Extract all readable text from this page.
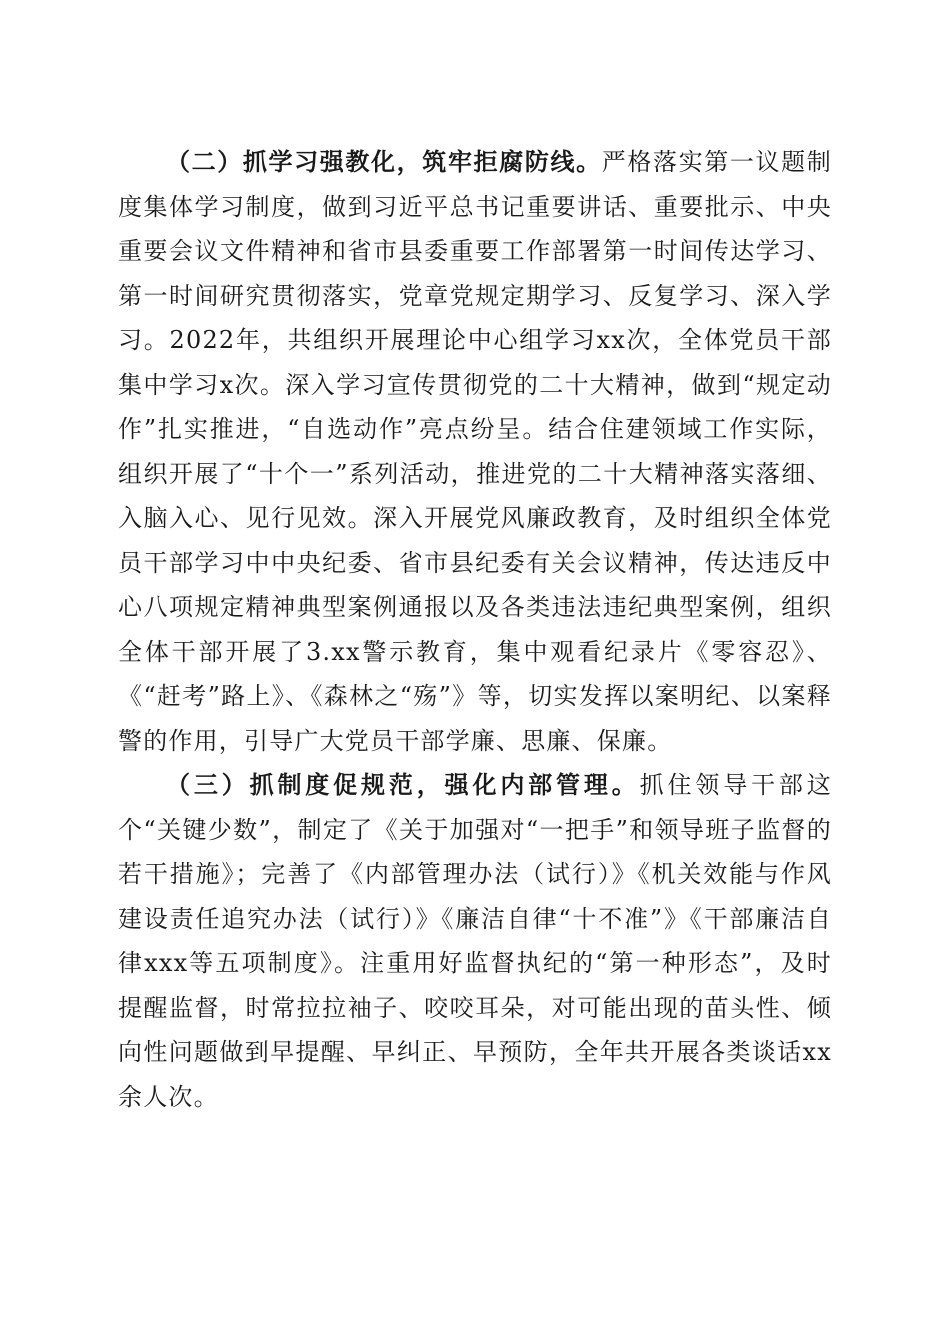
（二）抓学习强教化，筑牢拒腐防线。严格落实第一议题制度集体学习制度，做到习近平总书记重要讲话、重要批示、中央重要会议文件精神和省市县委重要工作部署第一时间传达学习、第一时间研究贯彻落实，党章党规定期学习、反复学习、深入学习。2022年，共组织开展理论中心组学习xx次，全体党员干部集中学习x次。深入学习宣传贯彻党的二十大精神，做到“规定动作”扎实推进，“自选动作”亮点纷呈。结合住建领域工作实际，组织开展了“十个一”系列活动，推进党的二十大精神落实落细、入脑入心、见行见效。深入开展党风廉政教育，及时组织全体党员干部学习中中央纪委、省市县纪委有关会议精神，传达违反中心八项规定精神典型案例通报以及各类违法违纪典型案例，组织全体干部开展了3.xx警示教育，集中观看纪录片《零容忍》、《“赶考”路上》、《森林之“殇”》等，切实发挥以案明纪、以案释警的作用，引导广大党员干部学廉、思廉、保廉。

（三）抓制度促规范，强化内部管理。抓住领导干部这个“关键少数”，制定了《关于加强对“一把手”和领导班子监督的若干措施》；完善了《内部管理办法（试行）》《机关效能与作风建设责任追究办法（试行）》《廉洁自律“十不准”》《干部廉洁自律xxx等五项制度》。注重用好监督执纪的“第一种形态”，及时提醒监督，时常拉拉袖子、咬咬耳朵，对可能出现的苗头性、倾向性问题做到早提醒、早纠正、早预防，全年共开展各类谈话xx余人次。
